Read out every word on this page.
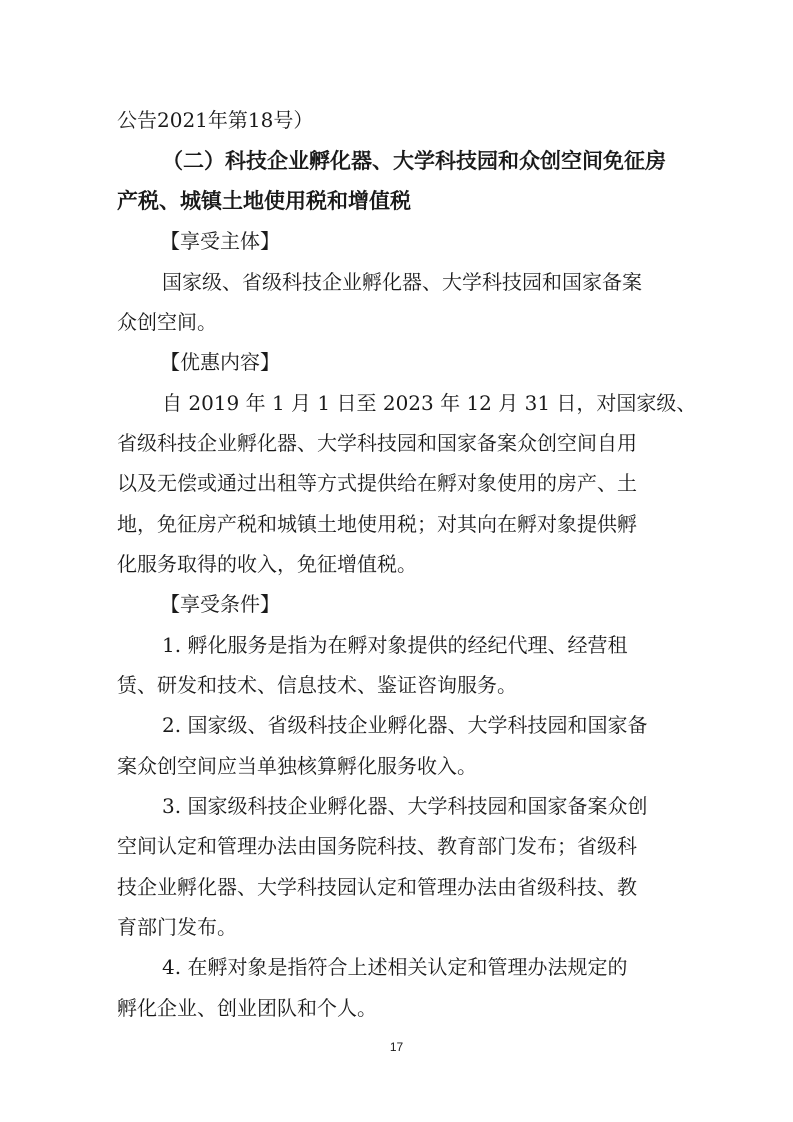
公告2021年第18号）
（二）科技企业孵化器、大学科技园和众创空间免征房
产税、城镇土地使用税和增值税
【享受主体】
国家级、省级科技企业孵化器、大学科技园和国家备案
众创空间。
【优惠内容】
自 2019 年 1 月 1 日至 2023 年 12 月 31 日，对国家级、
省级科技企业孵化器、大学科技园和国家备案众创空间自用
以及无偿或通过出租等方式提供给在孵对象使用的房产、土
地，免征房产税和城镇土地使用税；对其向在孵对象提供孵
化服务取得的收入，免征增值税。
【享受条件】
1. 孵化服务是指为在孵对象提供的经纪代理、经营租
赁、研发和技术、信息技术、鉴证咨询服务。
2. 国家级、省级科技企业孵化器、大学科技园和国家备
案众创空间应当单独核算孵化服务收入。
3. 国家级科技企业孵化器、大学科技园和国家备案众创
空间认定和管理办法由国务院科技、教育部门发布；省级科
技企业孵化器、大学科技园认定和管理办法由省级科技、教
育部门发布。
4. 在孵对象是指符合上述相关认定和管理办法规定的
孵化企业、创业团队和个人。
17
